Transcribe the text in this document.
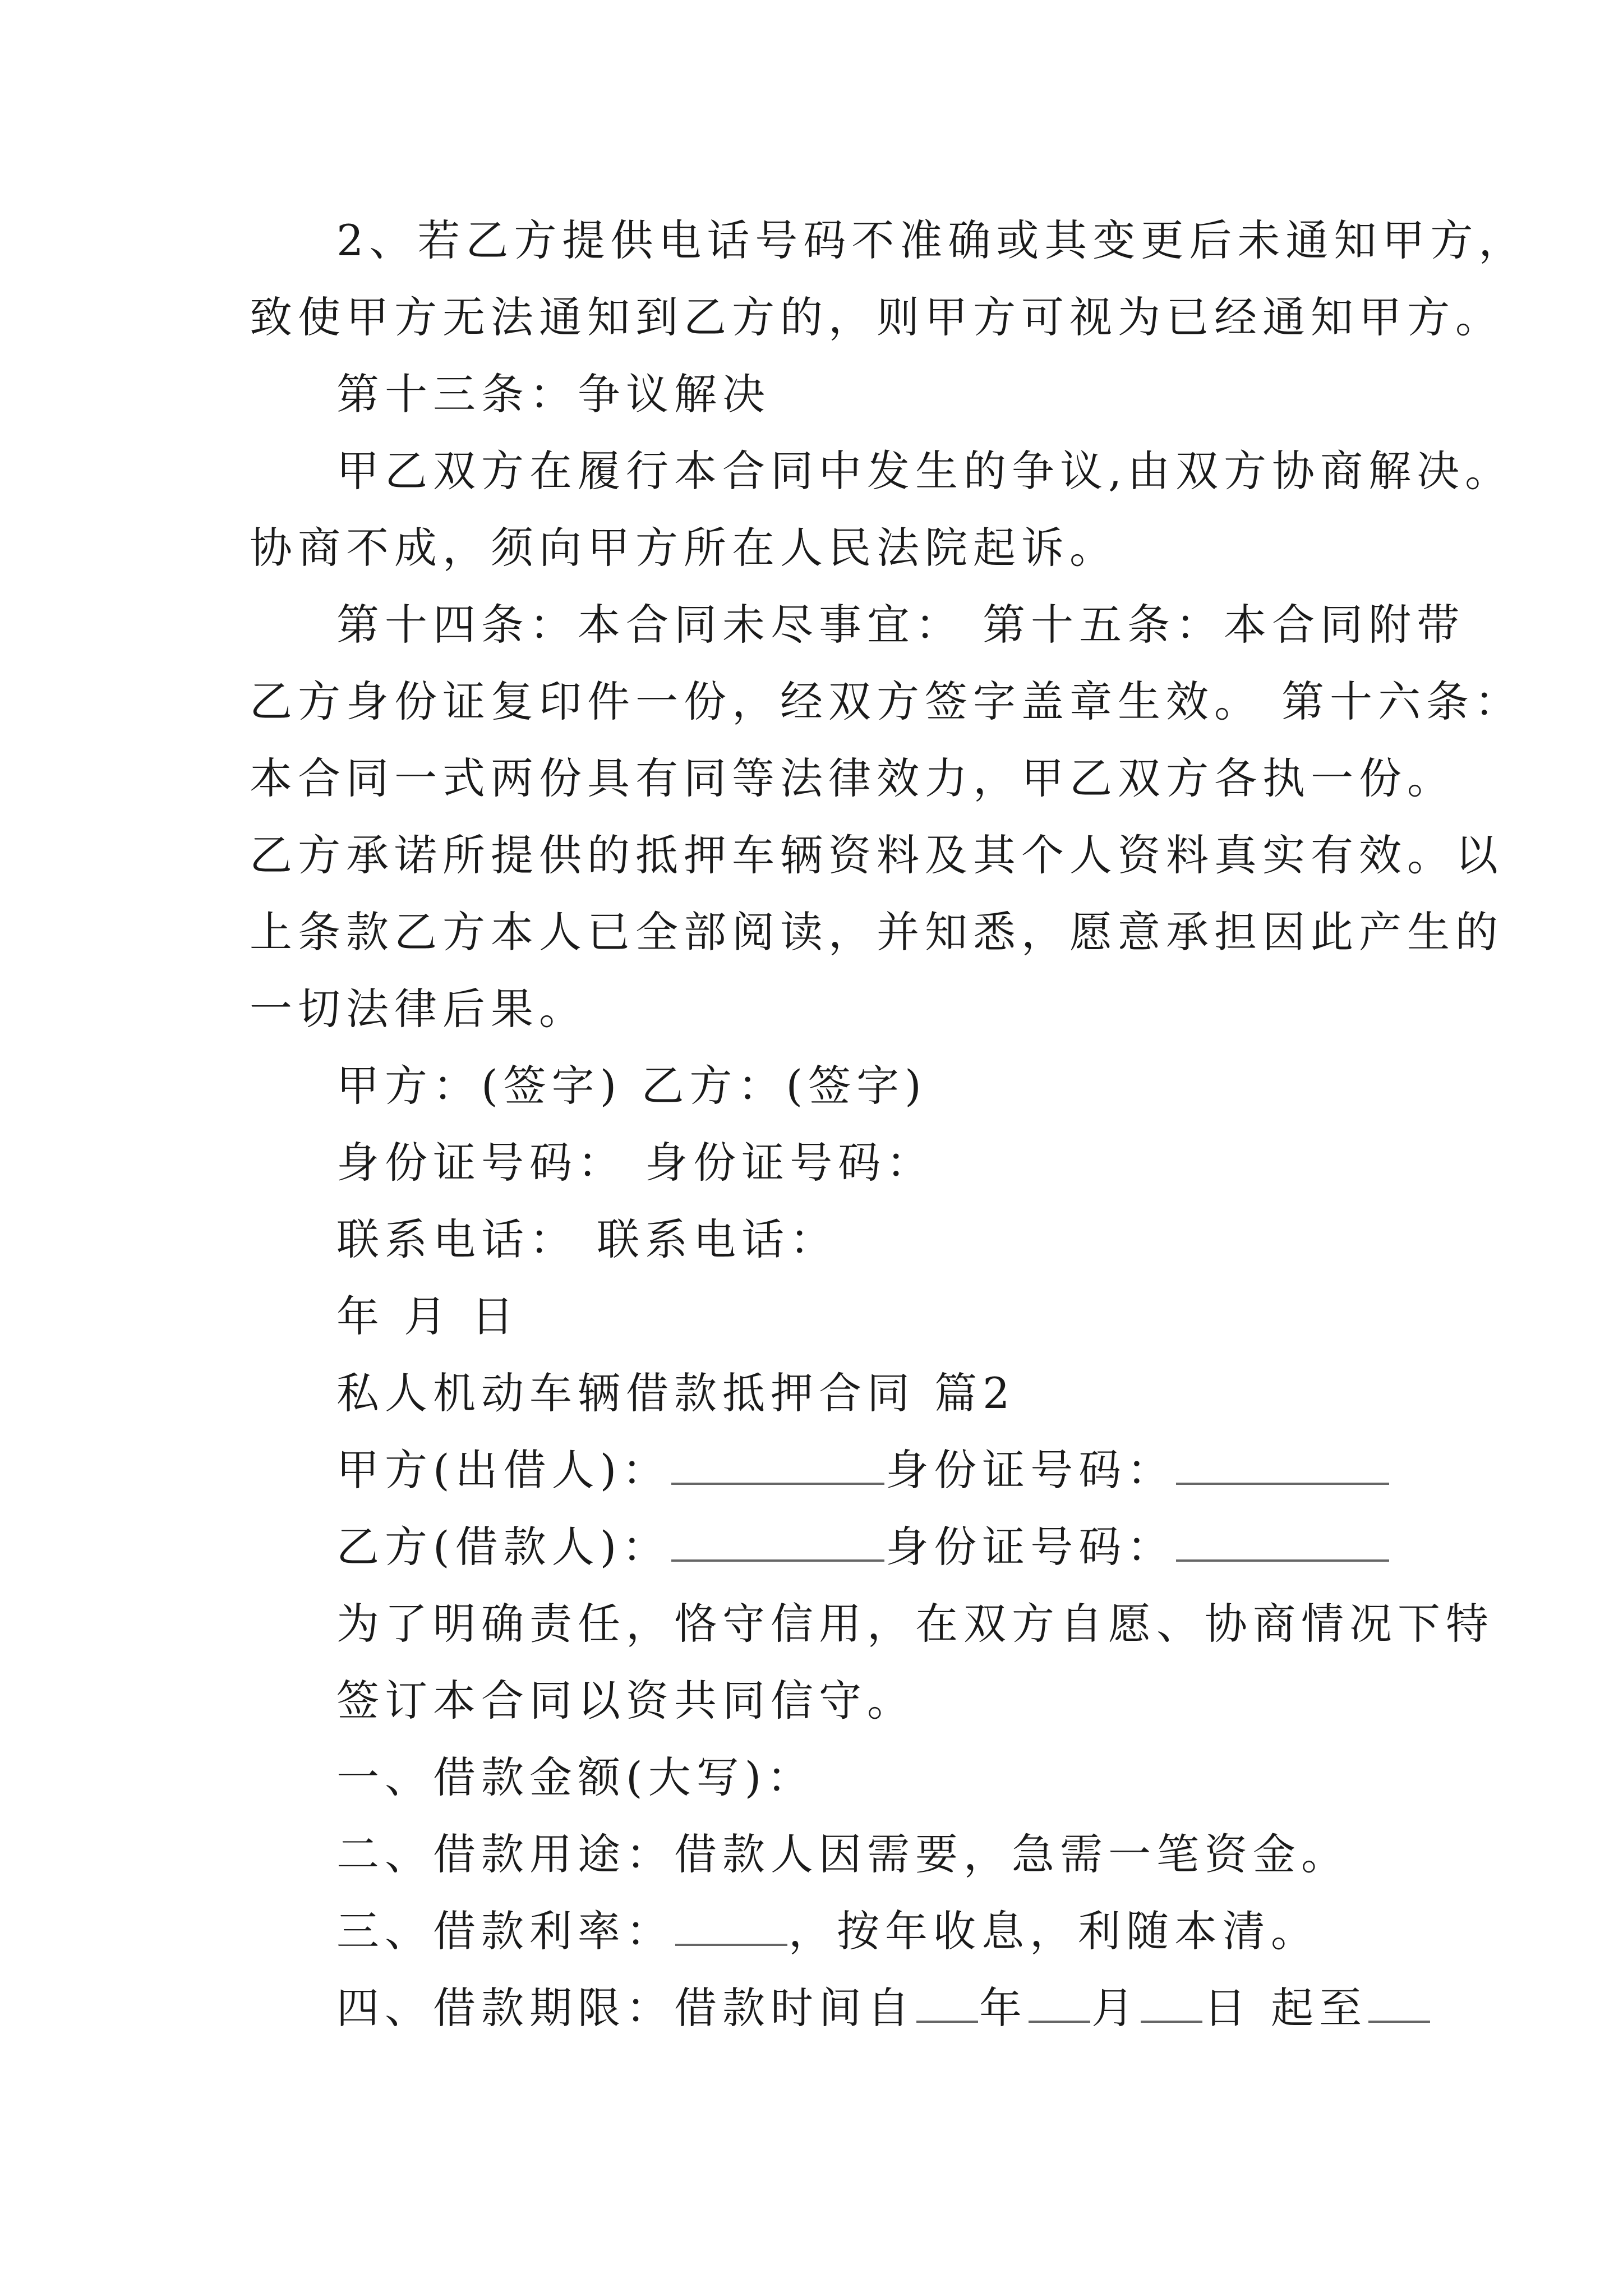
2、若乙方提供电话号码不准确或其变更后未通知甲方，
致使甲方无法通知到乙方的，则甲方可视为已经通知甲方。
第十三条：争议解决
甲乙双方在履行本合同中发生的争议,由双方协商解决。
协商不成，须向甲方所在人民法院起诉。
第十四条：本合同未尽事宜： 第十五条：本合同附带
乙方身份证复印件一份，经双方签字盖章生效。 第十六条：
本合同一式两份具有同等法律效力，甲乙双方各执一份。
乙方承诺所提供的抵押车辆资料及其个人资料真实有效。以
上条款乙方本人已全部阅读，并知悉，愿意承担因此产生的
一切法律后果。
甲方：(签字) 乙方：(签字)
身份证号码： 身份证号码：
联系电话： 联系电话：
年 月 日
私人机动车辆借款抵押合同 篇2
甲方(出借人)：	身份证号码：
乙方(借款人)：	身份证号码：
为了明确责任，恪守信用，在双方自愿、协商情况下特
签订本合同以资共同信守。
一、借款金额(大写)：
二、借款用途：借款人因需要，急需一笔资金。
三、借款利率：	，按年收息，利随本清。
四、借款期限：借款时间自 年 月 日 起至
